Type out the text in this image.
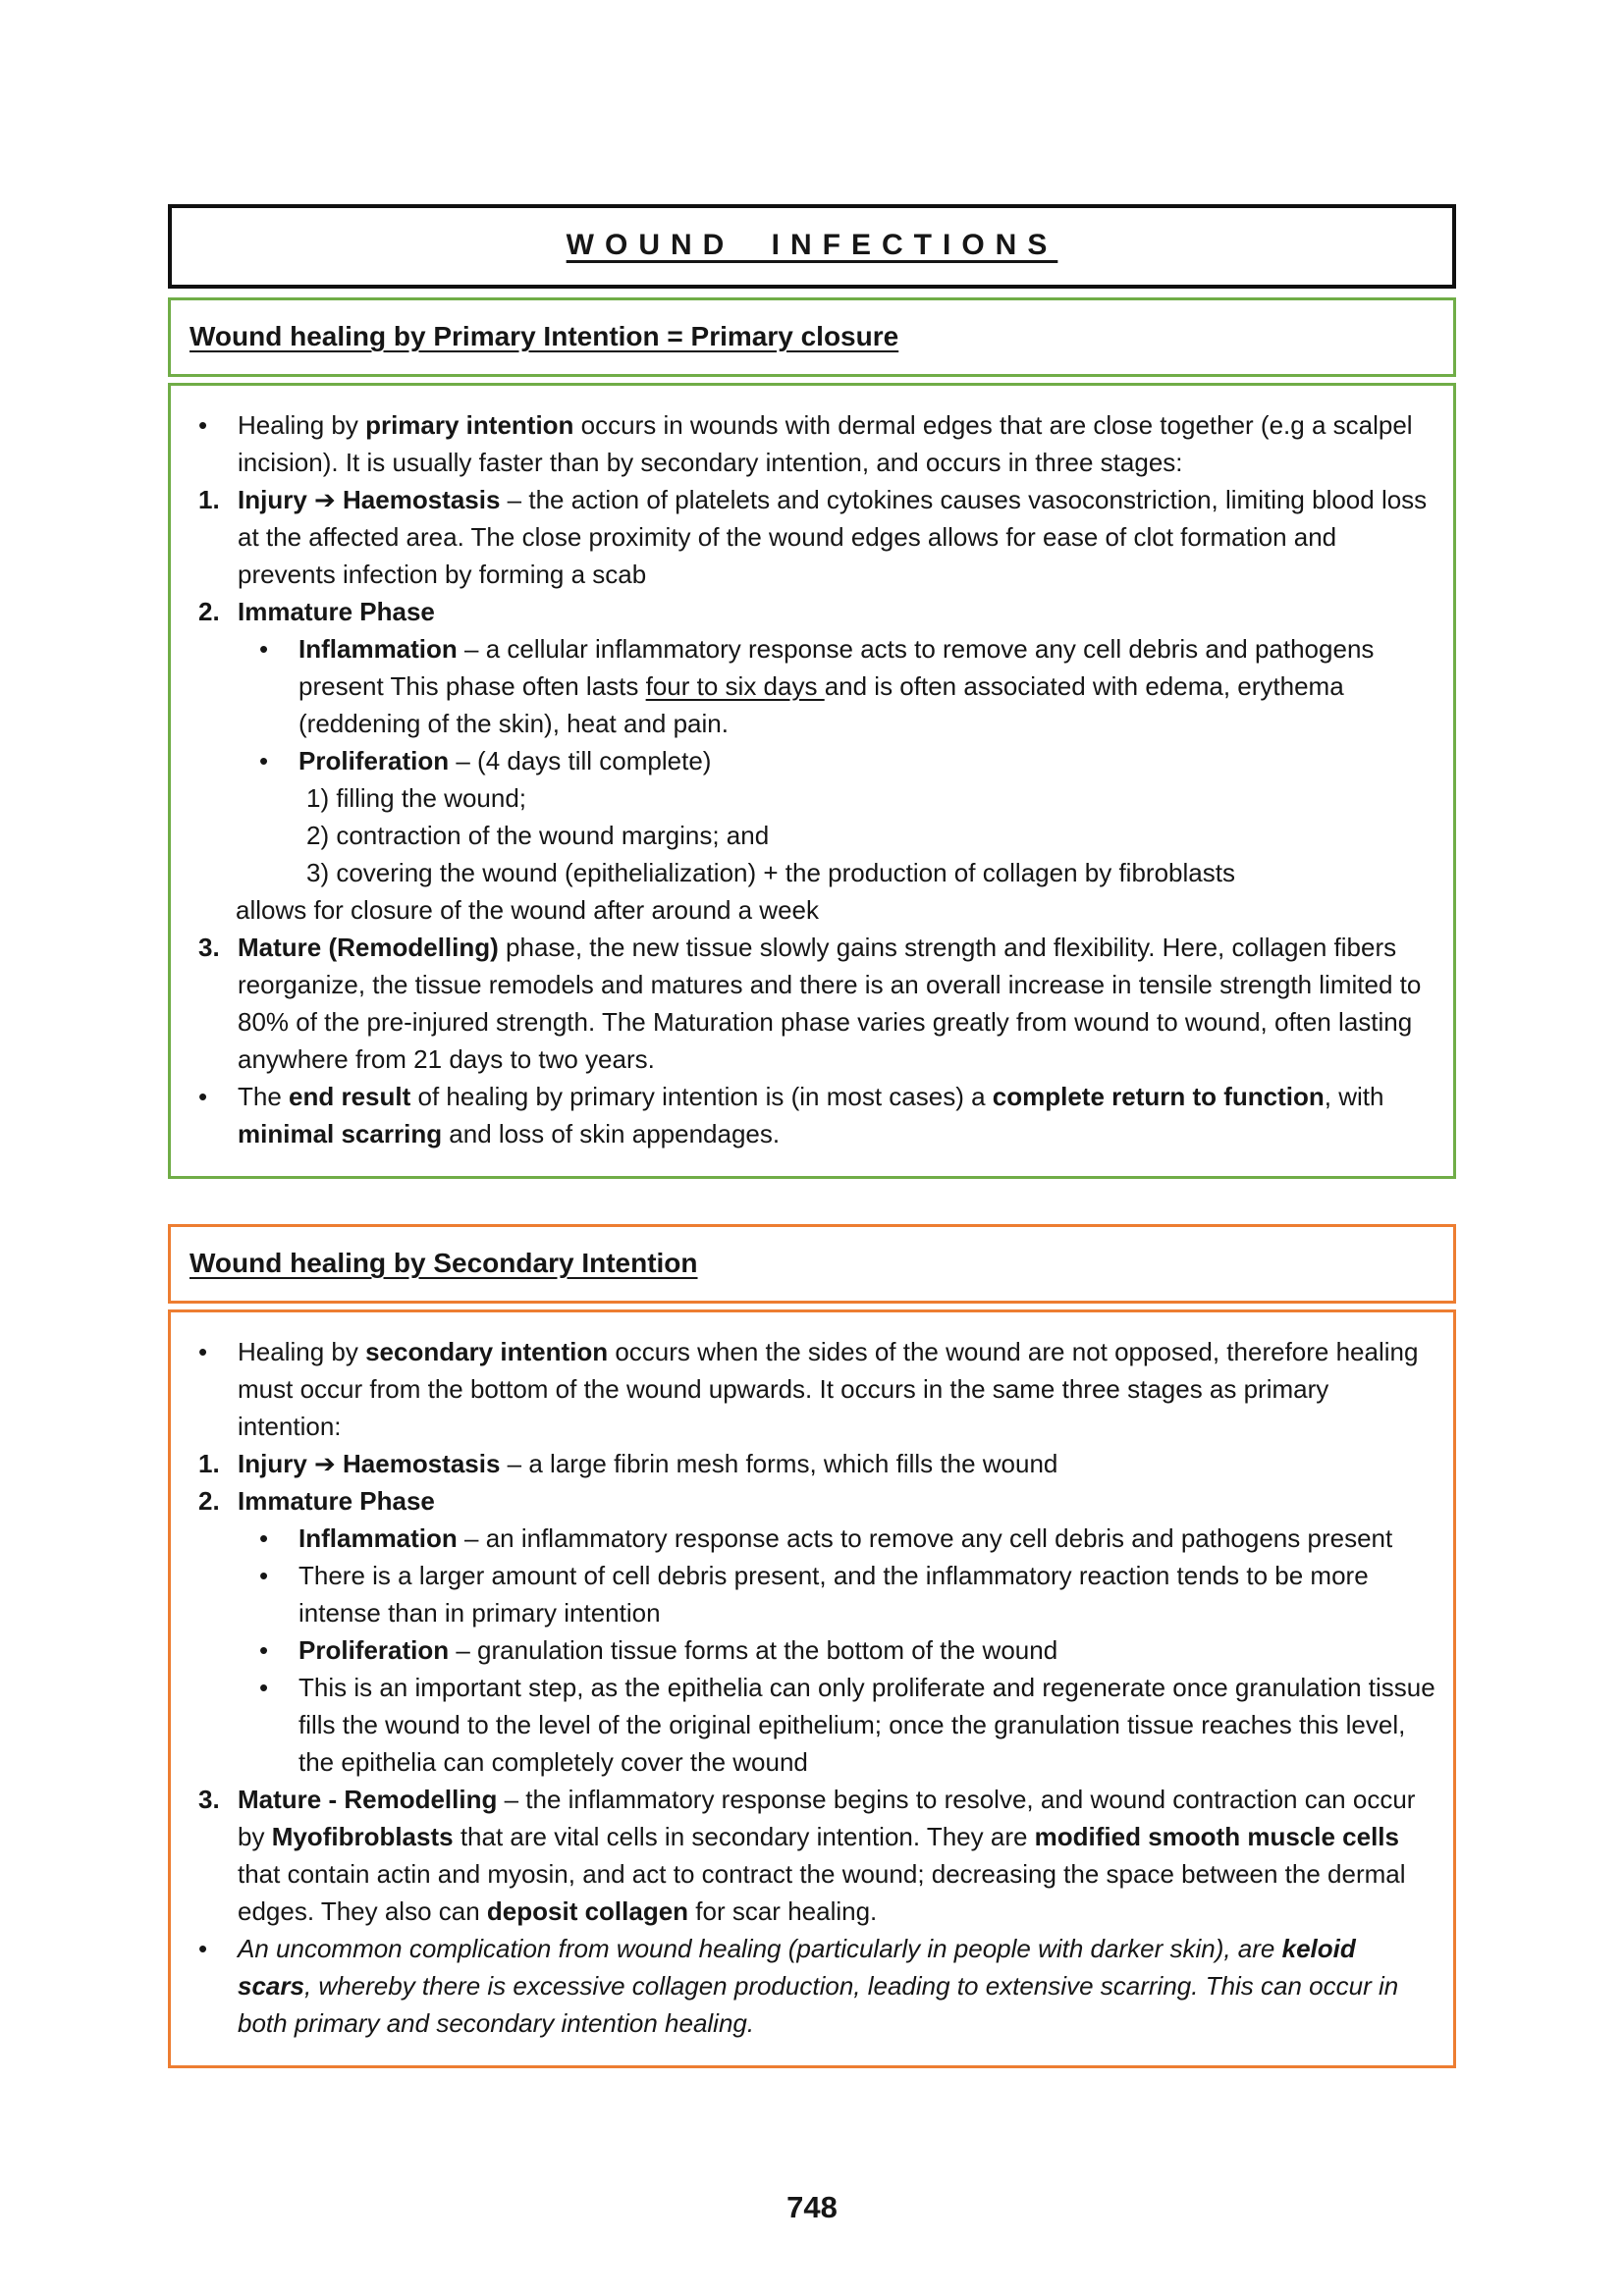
WOUND INFECTIONS
Wound healing by Primary Intention = Primary closure
•	Healing by primary intention occurs in wounds with dermal edges that are close together (e.g a scalpel incision). It is usually faster than by secondary intention, and occurs in three stages:
1. Injury ➔ Haemostasis – the action of platelets and cytokines causes vasoconstriction, limiting blood loss at the affected area. The close proximity of the wound edges allows for ease of clot formation and prevents infection by forming a scab
2. Immature Phase
•	Inflammation – a cellular inflammatory response acts to remove any cell debris and pathogens present This phase often lasts four to six days and is often associated with edema, erythema (reddening of the skin), heat and pain.
•	Proliferation – (4 days till complete)
1) filling the wound;
2) contraction of the wound margins; and
3) covering the wound (epithelialization) + the production of collagen by fibroblasts
allows for closure of the wound after around a week
3. Mature (Remodelling) phase, the new tissue slowly gains strength and flexibility. Here, collagen fibers reorganize, the tissue remodels and matures and there is an overall increase in tensile strength limited to 80% of the pre-injured strength. The Maturation phase varies greatly from wound to wound, often lasting anywhere from 21 days to two years.
•	The end result of healing by primary intention is (in most cases) a complete return to function, with minimal scarring and loss of skin appendages.
Wound healing by Secondary Intention
•	Healing by secondary intention occurs when the sides of the wound are not opposed, therefore healing must occur from the bottom of the wound upwards. It occurs in the same three stages as primary intention:
1. Injury ➔ Haemostasis – a large fibrin mesh forms, which fills the wound
2. Immature Phase
•	Inflammation – an inflammatory response acts to remove any cell debris and pathogens present
•	There is a larger amount of cell debris present, and the inflammatory reaction tends to be more intense than in primary intention
•	Proliferation – granulation tissue forms at the bottom of the wound
•	This is an important step, as the epithelia can only proliferate and regenerate once granulation tissue fills the wound to the level of the original epithelium; once the granulation tissue reaches this level, the epithelia can completely cover the wound
3. Mature - Remodelling – the inflammatory response begins to resolve, and wound contraction can occur by Myofibroblasts that are vital cells in secondary intention. They are modified smooth muscle cells that contain actin and myosin, and act to contract the wound; decreasing the space between the dermal edges. They also can deposit collagen for scar healing.
•	An uncommon complication from wound healing (particularly in people with darker skin), are keloid scars, whereby there is excessive collagen production, leading to extensive scarring. This can occur in both primary and secondary intention healing.
748
